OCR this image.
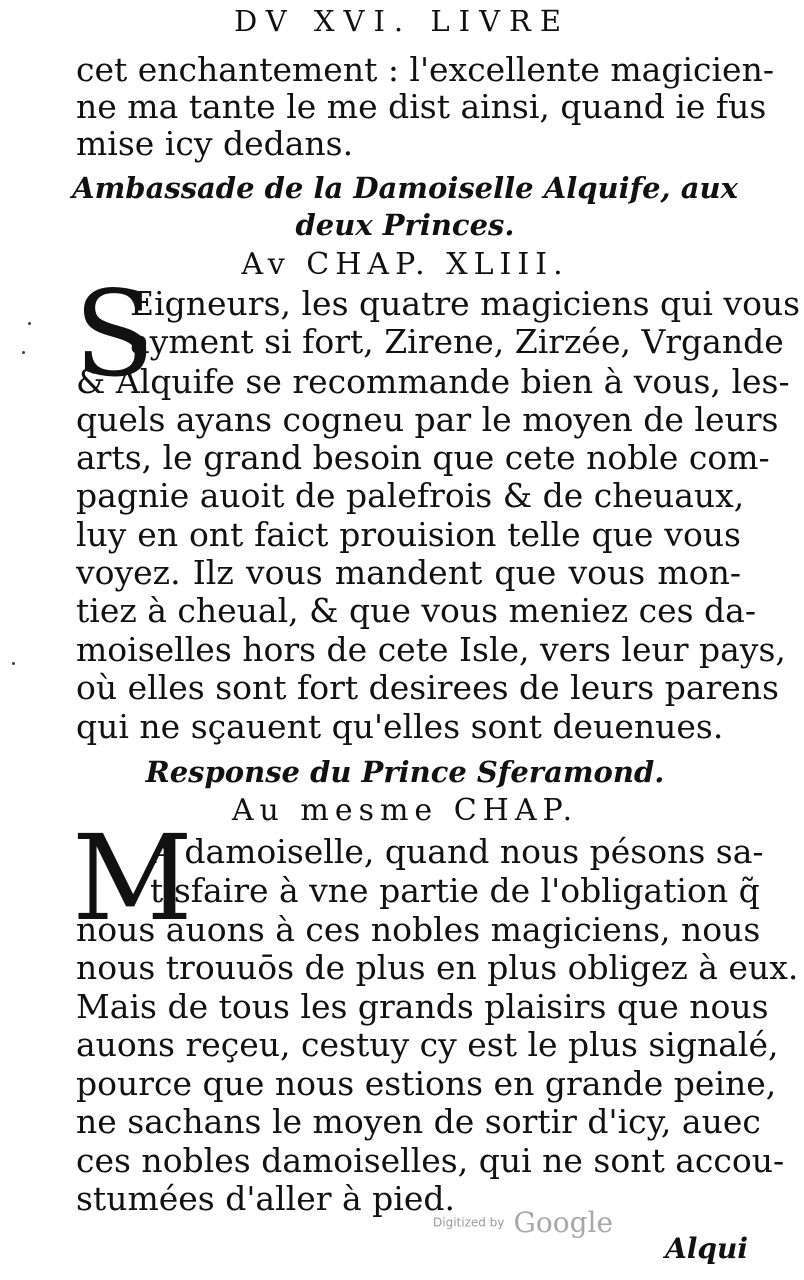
DV XVI. LIVRE
cet enchantement : l'excellente magicien-
ne ma tante le me dist ainsi, quand ie fus
mise icy dedans.
Ambassade de la Damoiselle Alquife, aux
deux Princes.
Av CHAP. XLIII.
S
Eigneurs, les quatre magiciens qui vous
ayment si fort, Zirene, Zirzée, Vrgande
& Alquife se recommande bien à vous, les-
quels ayans cogneu par le moyen de leurs
arts, le grand besoin que cete noble com-
pagnie auoit de palefrois & de cheuaux,
luy en ont faict prouision telle que vous
voyez. Ilz vous mandent que vous mon-
tiez à cheual, & que vous meniez ces da-
moiselles hors de cete Isle, vers leur pays,
où elles sont fort desirees de leurs parens
qui ne sçauent qu'elles sont deuenues.
Response du Prince Sferamond.
Au mesme CHAP.
M
A damoiselle, quand nous pésons sa-
tisfaire à vne partie de l'obligation q̃
nous auons à ces nobles magiciens, nous
nous trouuōs de plus en plus obligez à eux.
Mais de tous les grands plaisirs que nous
auons reçeu, cestuy cy est le plus signalé,
pource que nous estions en grande peine,
ne sachans le moyen de sortir d'icy, auec
ces nobles damoiselles, qui ne sont accou-
stumées d'aller à pied.
Digitized by Google
Alqui
